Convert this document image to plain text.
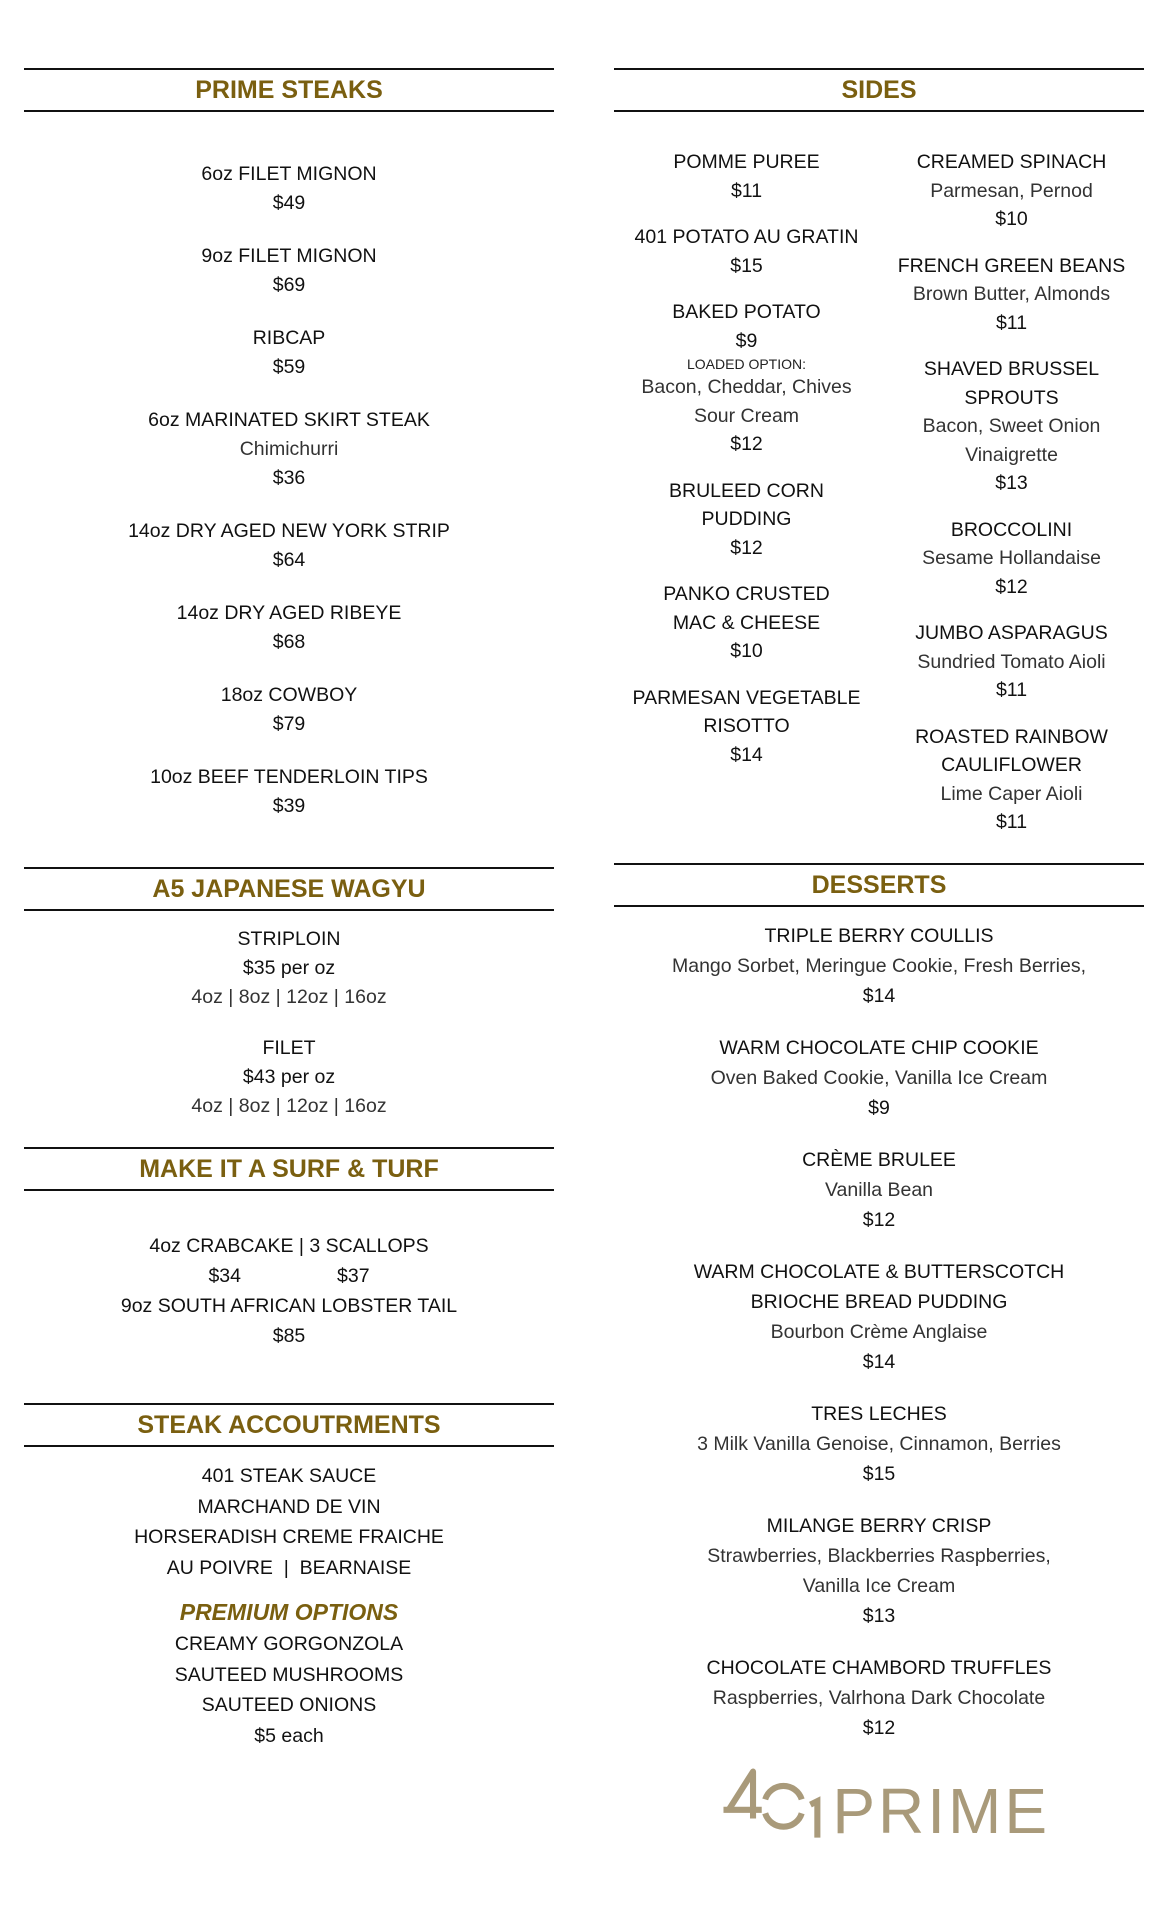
PRIME STEAKS
6oz FILET MIGNON
$49
9oz FILET MIGNON
$69
RIBCAP
$59
6oz MARINATED SKIRT STEAK
Chimichurri
$36
14oz DRY AGED NEW YORK STRIP
$64
14oz DRY AGED RIBEYE
$68
18oz COWBOY
$79
10oz BEEF TENDERLOIN TIPS
$39
A5 JAPANESE WAGYU
STRIPLOIN
$35 per oz
4oz | 8oz | 12oz | 16oz
FILET
$43 per oz
4oz | 8oz | 12oz | 16oz
MAKE IT A SURF & TURF
4oz CRABCAKE | 3 SCALLOPS
$34	$37
9oz SOUTH AFRICAN LOBSTER TAIL
$85
STEAK ACCOUTRMENTS
401 STEAK SAUCE
MARCHAND DE VIN
HORSERADISH CREME FRAICHE
AU POIVRE  |  BEARNAISE
PREMIUM OPTIONS
CREAMY GORGONZOLA
SAUTEED MUSHROOMS
SAUTEED ONIONS
$5 each
SIDES
POMME PUREE
$11
401 POTATO AU GRATIN
$15
BAKED POTATO
$9
LOADED OPTION:
Bacon, Cheddar, Chives
Sour Cream
$12
BRULEED CORN
PUDDING
$12
PANKO CRUSTED
MAC & CHEESE
$10
PARMESAN VEGETABLE
RISOTTO
$14
CREAMED SPINACH
Parmesan, Pernod
$10
FRENCH GREEN BEANS
Brown Butter, Almonds
$11
SHAVED BRUSSEL
SPROUTS
Bacon, Sweet Onion
Vinaigrette
$13
BROCCOLINI
Sesame Hollandaise
$12
JUMBO ASPARAGUS
Sundried Tomato Aioli
$11
ROASTED RAINBOW
CAULIFLOWER
Lime Caper Aioli
$11
DESSERTS
TRIPLE BERRY COULLIS
Mango Sorbet, Meringue Cookie, Fresh Berries,
$14
WARM CHOCOLATE CHIP COOKIE
Oven Baked Cookie, Vanilla Ice Cream
$9
CRÈME BRULEE
Vanilla Bean
$12
WARM CHOCOLATE & BUTTERSCOTCH
BRIOCHE BREAD PUDDING
Bourbon Crème Anglaise
$14
TRES LECHES
3 Milk Vanilla Genoise, Cinnamon, Berries
$15
MILANGE BERRY CRISP
Strawberries, Blackberries Raspberries,
Vanilla Ice Cream
$13
CHOCOLATE CHAMBORD TRUFFLES
Raspberries, Valrhona Dark Chocolate
$12
PRIME
